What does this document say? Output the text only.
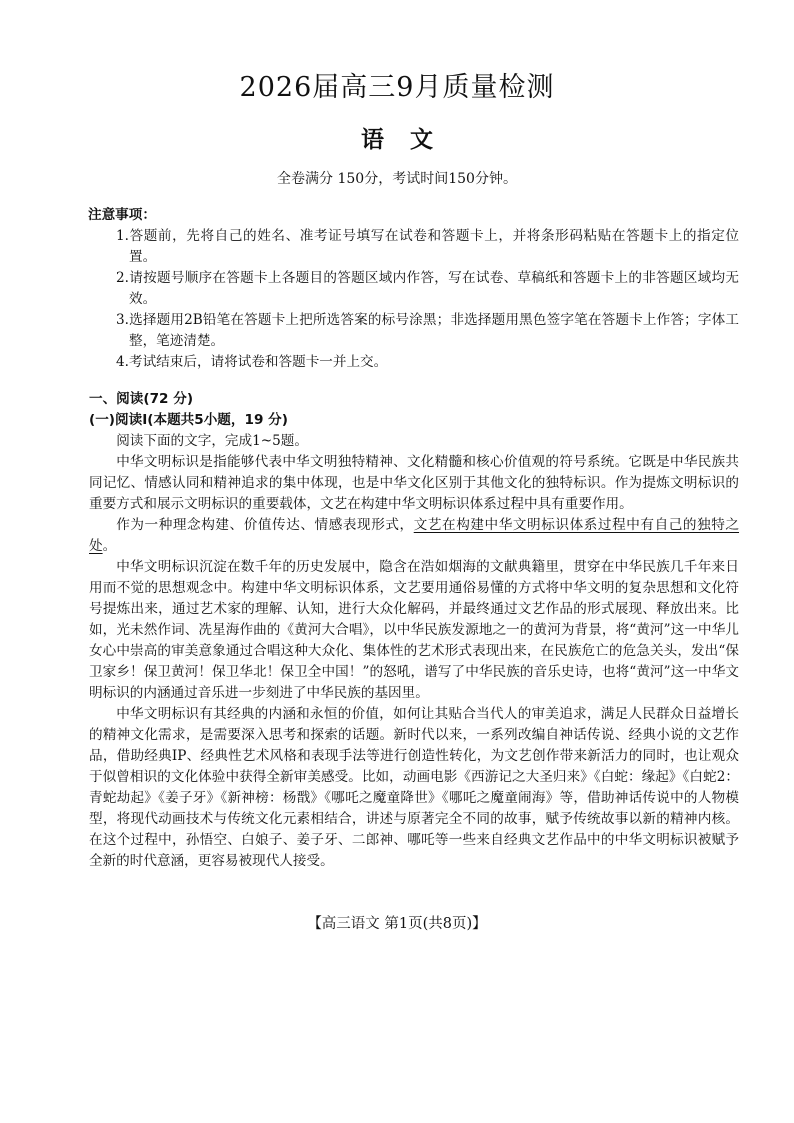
2026届高三9月质量检测
语文
全卷满分 150分，考试时间150分钟。
注意事项：

1.答题前，先将自己的姓名、准考证号填写在试卷和答题卡上，并将条形码粘贴在答题卡上的指定位置。

2.请按题号顺序在答题卡上各题目的答题区域内作答，写在试卷、草稿纸和答题卡上的非答题区域均无效。

3.选择题用2B铅笔在答题卡上把所选答案的标号涂黑；非选择题用黑色签字笔在答题卡上作答；字体工整，笔迹清楚。

4.考试结束后，请将试卷和答题卡一并上交。

一、阅读(72 分)
(一)阅读Ⅰ(本题共5小题，19 分)

阅读下面的文字，完成1~5题。

中华文明标识是指能够代表中华文明独特精神、文化精髓和核心价值观的符号系统。它既是中华民族共同记忆、情感认同和精神追求的集中体现，也是中华文化区别于其他文化的独特标识。作为提炼文明标识的重要方式和展示文明标识的重要载体，文艺在构建中华文明标识体系过程中具有重要作用。

作为一种理念构建、价值传达、情感表现形式，文艺在构建中华文明标识体系过程中有自己的独特之处。

中华文明标识沉淀在数千年的历史发展中，隐含在浩如烟海的文献典籍里，贯穿在中华民族几千年来日用而不觉的思想观念中。构建中华文明标识体系，文艺要用通俗易懂的方式将中华文明的复杂思想和文化符号提炼出来，通过艺术家的理解、认知，进行大众化解码，并最终通过文艺作品的形式展现、释放出来。比如，光未然作词、冼星海作曲的《黄河大合唱》，以中华民族发源地之一的黄河为背景，将“黄河”这一中华儿女心中崇高的审美意象通过合唱这种大众化、集体性的艺术形式表现出来，在民族危亡的危急关头，发出“保卫家乡！保卫黄河！保卫华北！保卫全中国！”的怒吼，谱写了中华民族的音乐史诗，也将“黄河”这一中华文明标识的内涵通过音乐进一步刻进了中华民族的基因里。

中华文明标识有其经典的内涵和永恒的价值，如何让其贴合当代人的审美追求，满足人民群众日益增长的精神文化需求，是需要深入思考和探索的话题。新时代以来，一系列改编自神话传说、经典小说的文艺作品，借助经典IP、经典性艺术风格和表现手法等进行创造性转化，为文艺创作带来新活力的同时，也让观众于似曾相识的文化体验中获得全新审美感受。比如，动画电影《西游记之大圣归来》《白蛇：缘起》《白蛇2：青蛇劫起》《姜子牙》《新神榜：杨戬》《哪吒之魔童降世》《哪吒之魔童闹海》等，借助神话传说中的人物模型，将现代动画技术与传统文化元素相结合，讲述与原著完全不同的故事，赋予传统故事以新的精神内核。在这个过程中，孙悟空、白娘子、姜子牙、二郎神、哪吒等一些来自经典文艺作品中的中华文明标识被赋予全新的时代意涵，更容易被现代人接受。

【高三语文 第1页(共8页)】
